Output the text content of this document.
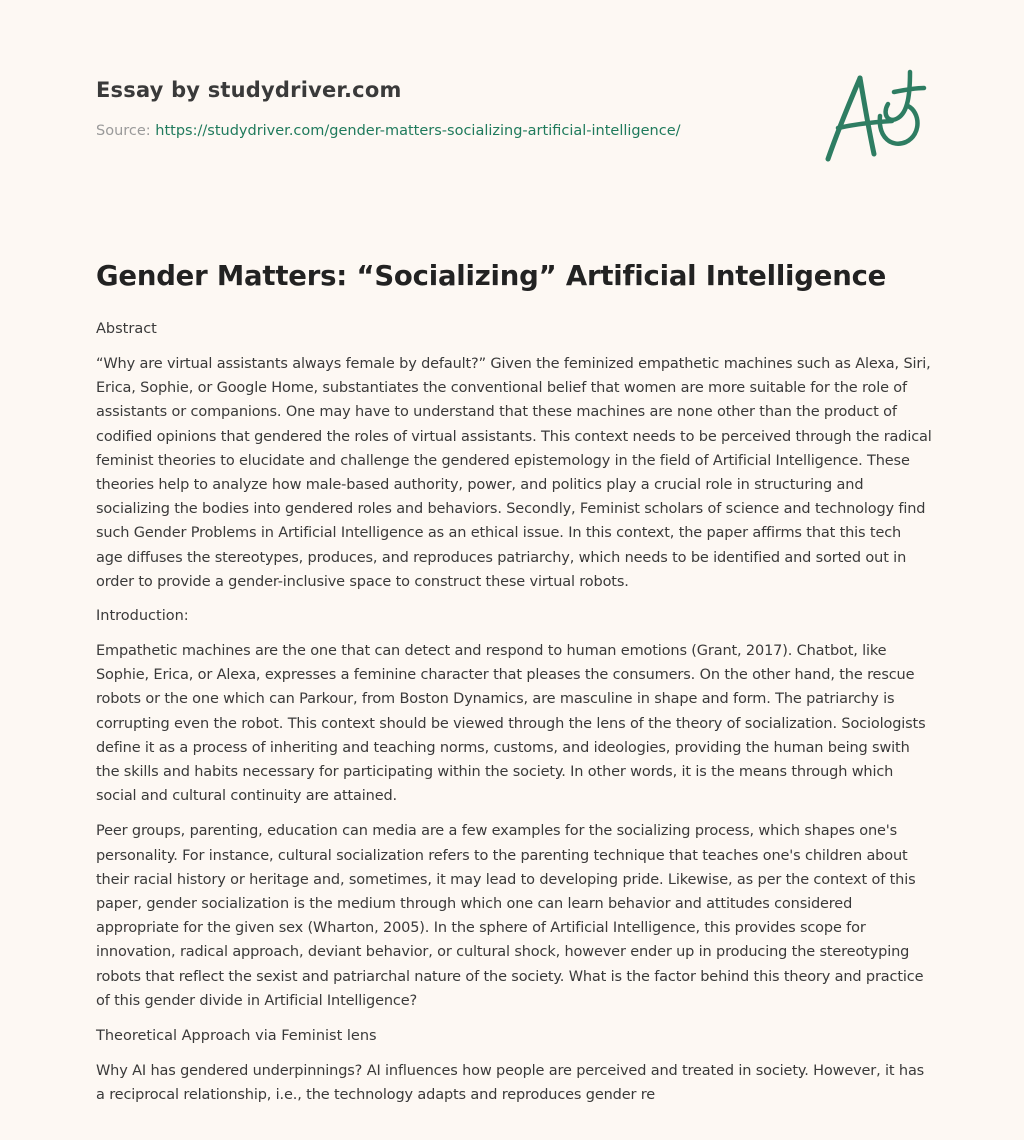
Essay by studydriver.com
Source: https://studydriver.com/gender-matters-socializing-artificial-intelligence/
Gender Matters: “Socializing” Artificial Intelligence

Abstract

“Why are virtual assistants always female by default?” Given the feminized empathetic machines such as Alexa, Siri, Erica, Sophie, or Google Home, substantiates the conventional belief that women are more suitable for the role of assistants or companions. One may have to understand that these machines are none other than the product of codified opinions that gendered the roles of virtual assistants. This context needs to be perceived through the radical feminist theories to elucidate and challenge the gendered epistemology in the field of Artificial Intelligence. These theories help to analyze how male-based authority, power, and politics play a crucial role in structuring and socializing the bodies into gendered roles and behaviors. Secondly, Feminist scholars of science and technology find such Gender Problems in Artificial Intelligence as an ethical issue. In this context, the paper affirms that this tech age diffuses the stereotypes, produces, and reproduces patriarchy, which needs to be identified and sorted out in order to provide a gender-inclusive space to construct these virtual robots.

Introduction:

Empathetic machines are the one that can detect and respond to human emotions (Grant, 2017). Chatbot, like Sophie, Erica, or Alexa, expresses a feminine character that pleases the consumers. On the other hand, the rescue robots or the one which can Parkour, from Boston Dynamics, are masculine in shape and form. The patriarchy is corrupting even the robot. This context should be viewed through the lens of the theory of socialization. Sociologists define it as a process of inheriting and teaching norms, customs, and ideologies, providing the human being swith the skills and habits necessary for participating within the society. In other words, it is the means through which social and cultural continuity are attained.

Peer groups, parenting, education can media are a few examples for the socializing process, which shapes one's personality. For instance, cultural socialization refers to the parenting technique that teaches one's children about their racial history or heritage and, sometimes, it may lead to developing pride. Likewise, as per the context of this paper, gender socialization is the medium through which one can learn behavior and attitudes considered appropriate for the given sex (Wharton, 2005). In the sphere of Artificial Intelligence, this provides scope for innovation, radical approach, deviant behavior, or cultural shock, however ender up in producing the stereotyping robots that reflect the sexist and patriarchal nature of the society. What is the factor behind this theory and practice of this gender divide in Artificial Intelligence?

Theoretical Approach via Feminist lens

Why AI has gendered underpinnings? AI influences how people are perceived and treated in society. However, it has a reciprocal relationship, i.e., the technology adapts and reproduces gender re
